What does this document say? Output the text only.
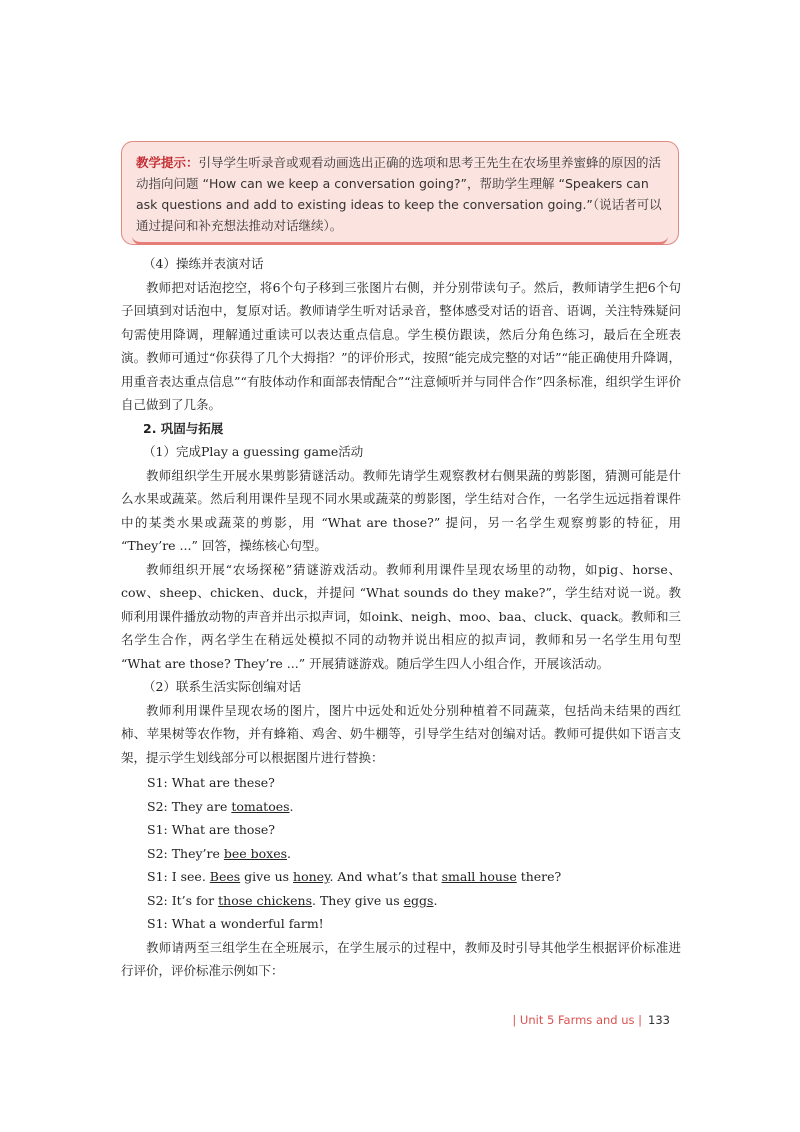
教学提示：引导学生听录音或观看动画选出正确的选项和思考王先生在农场里养蜜蜂的原因的活动指向问题 “How can we keep a conversation going?”，帮助学生理解 “Speakers can ask questions and add to existing ideas to keep the conversation going.”（说话者可以通过提问和补充想法推动对话继续）。

（4）操练并表演对话

教师把对话泡挖空，将6个句子移到三张图片右侧，并分别带读句子。然后，教师请学生把6个句子回填到对话泡中，复原对话。教师请学生听对话录音，整体感受对话的语音、语调，关注特殊疑问句需使用降调，理解通过重读可以表达重点信息。学生模仿跟读，然后分角色练习，最后在全班表演。教师可通过“你获得了几个大拇指？”的评价形式，按照“能完成完整的对话”“能正确使用升降调，用重音表达重点信息”“有肢体动作和面部表情配合”“注意倾听并与同伴合作”四条标准，组织学生评价自己做到了几条。

2. 巩固与拓展

（1）完成Play a guessing game活动

教师组织学生开展水果剪影猜谜活动。教师先请学生观察教材右侧果蔬的剪影图，猜测可能是什么水果或蔬菜。然后利用课件呈现不同水果或蔬菜的剪影图，学生结对合作，一名学生远远指着课件中的某类水果或蔬菜的剪影，用 “What are those?” 提问，另一名学生观察剪影的特征，用 “They’re ...” 回答，操练核心句型。

教师组织开展“农场探秘”猜谜游戏活动。教师利用课件呈现农场里的动物，如pig、horse、cow、sheep、chicken、duck，并提问 “What sounds do they make?”，学生结对说一说。教师利用课件播放动物的声音并出示拟声词，如oink、neigh、moo、baa、cluck、quack。教师和三名学生合作，两名学生在稍远处模拟不同的动物并说出相应的拟声词，教师和另一名学生用句型 “What are those? They’re ...” 开展猜谜游戏。随后学生四人小组合作，开展该活动。

（2）联系生活实际创编对话

教师利用课件呈现农场的图片，图片中远处和近处分别种植着不同蔬菜，包括尚未结果的西红柿、苹果树等农作物，并有蜂箱、鸡舍、奶牛棚等，引导学生结对创编对话。教师可提供如下语言支架，提示学生划线部分可以根据图片进行替换：

S1: What are these?

S2: They are tomatoes.

S1: What are those?

S2: They’re bee boxes.

S1: I see. Bees give us honey. And what’s that small house there?

S2: It’s for those chickens. They give us eggs.

S1: What a wonderful farm!

教师请两至三组学生在全班展示，在学生展示的过程中，教师及时引导其他学生根据评价标准进行评价，评价标准示例如下：

| Unit 5 Farms and us | 133
